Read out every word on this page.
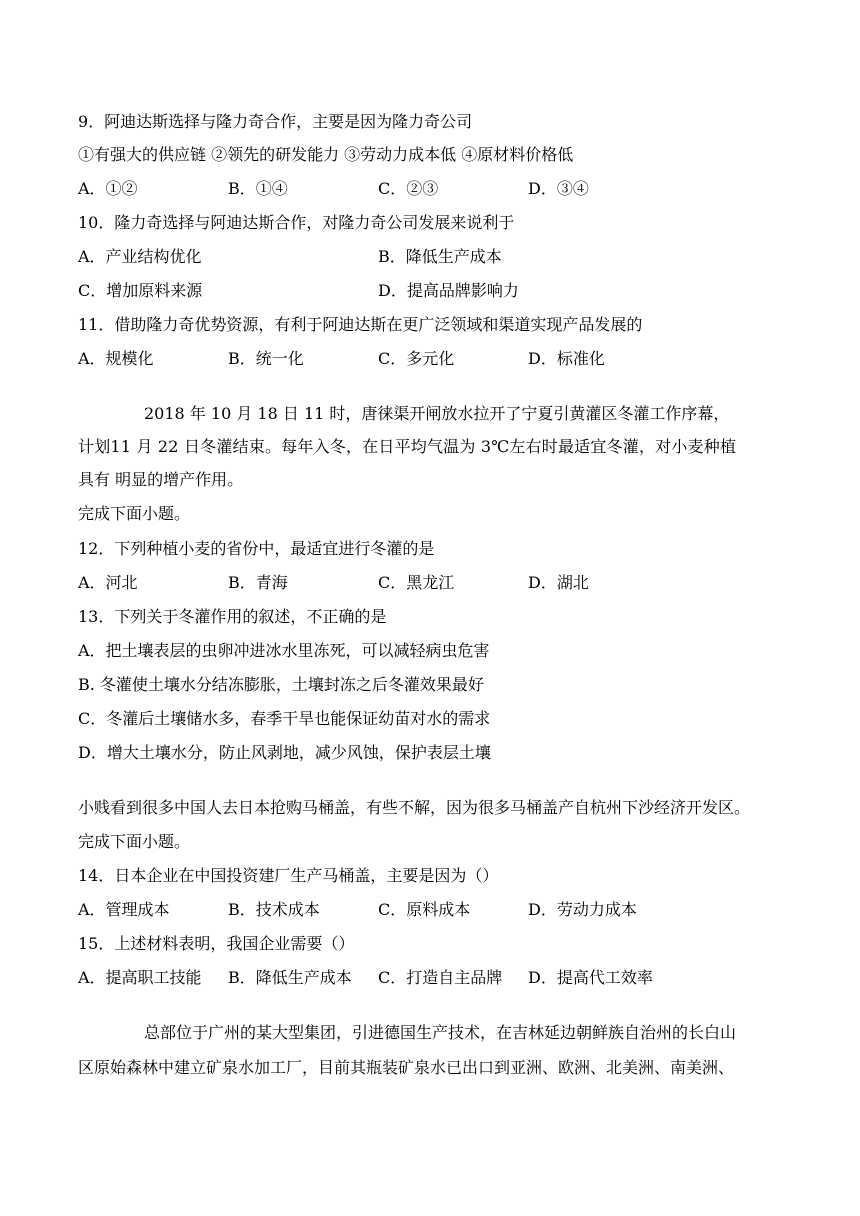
9．阿迪达斯选择与隆力奇合作，主要是因为隆力奇公司
①有强大的供应链 ②领先的研发能力 ③劳动力成本低 ④原材料价格低
A．①②	B．①④	C．②③	D．③④
10．隆力奇选择与阿迪达斯合作，对隆力奇公司发展来说利于
A．产业结构优化	B．降低生产成本
C．增加原料来源	D．提高品牌影响力
11．借助隆力奇优势资源，有利于阿迪达斯在更广泛领域和渠道实现产品发展的
A．规模化	B．统一化	C．多元化	D．标准化
2018 年 10 月 18 日 11 时，唐徕渠开闸放水拉开了宁夏引黄灌区冬灌工作序幕，
计划11 月 22 日冬灌结束。每年入冬，在日平均气温为 3℃左右时最适宜冬灌，对小麦种植
具有 明显的增产作用。
完成下面小题。
12．下列种植小麦的省份中，最适宜进行冬灌的是
A．河北	B．青海	C．黑龙江	D．湖北
13．下列关于冬灌作用的叙述，不正确的是
A．把土壤表层的虫卵冲进冰水里冻死，可以减轻病虫危害
B. 冬灌使土壤水分结冻膨胀，土壤封冻之后冬灌效果最好
C．冬灌后土壤储水多，春季干旱也能保证幼苗对水的需求
D．增大土壤水分，防止风剥地，减少风蚀，保护表层土壤
小贱看到很多中国人去日本抢购马桶盖，有些不解，因为很多马桶盖产自杭州下沙经济开发区。
完成下面小题。
14．日本企业在中国投资建厂生产马桶盖，主要是因为（）
A．管理成本	B．技术成本	C．原料成本	D．劳动力成本
15．上述材料表明，我国企业需要（）
A．提高职工技能 B．降低生产成本 C．打造自主品牌 D．提高代工效率
总部位于广州的某大型集团，引进德国生产技术，在吉林延边朝鲜族自治州的长白山
区原始森林中建立矿泉水加工厂，目前其瓶装矿泉水已出口到亚洲、欧洲、北美洲、南美洲、
